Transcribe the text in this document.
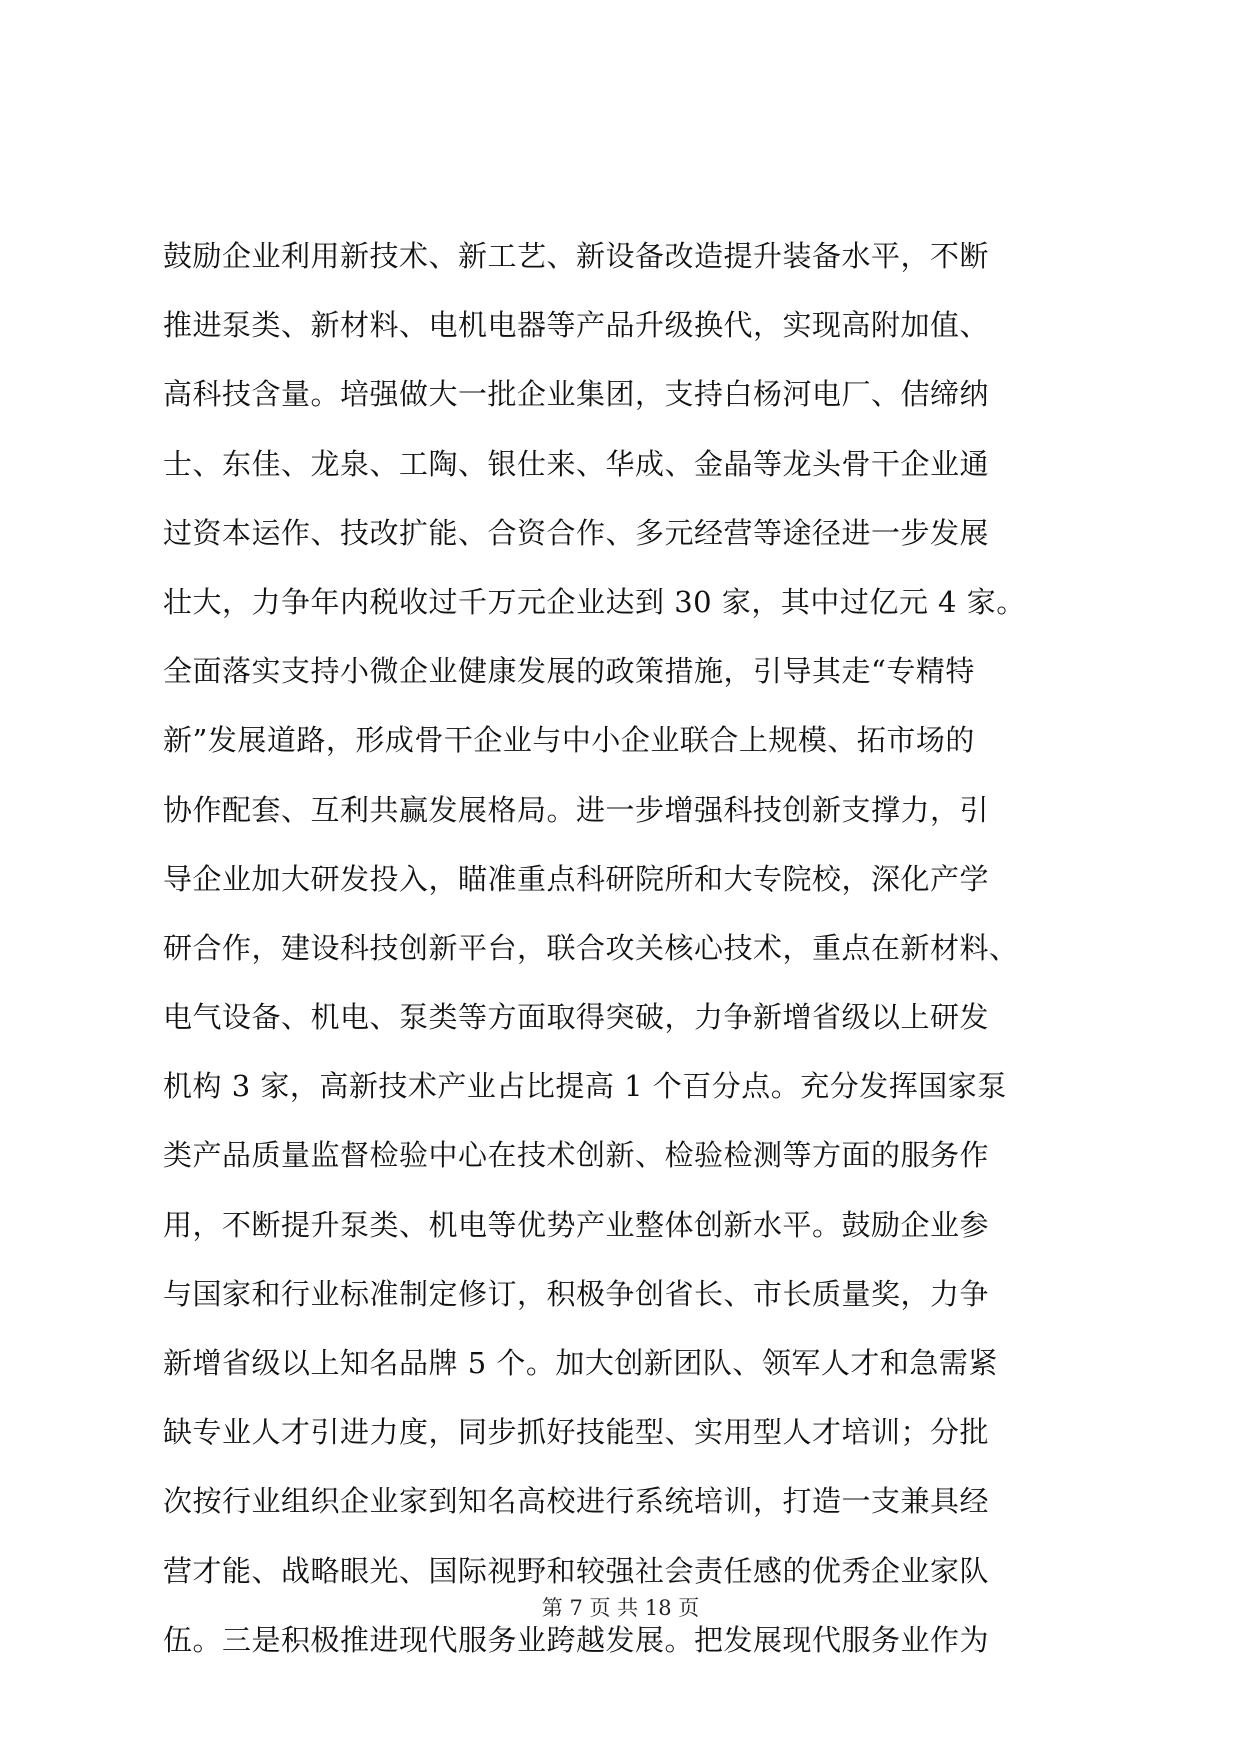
鼓励企业利用新技术、新工艺、新设备改造提升装备水平，不断
推进泵类、新材料、电机电器等产品升级换代，实现高附加值、
高科技含量。培强做大一批企业集团，支持白杨河电厂、佶缔纳
士、东佳、龙泉、工陶、银仕来、华成、金晶等龙头骨干企业通
过资本运作、技改扩能、合资合作、多元经营等途径进一步发展
壮大，力争年内税收过千万元企业达到 30 家，其中过亿元 4 家。
全面落实支持小微企业健康发展的政策措施，引导其走“专精特
新”发展道路，形成骨干企业与中小企业联合上规模、拓市场的
协作配套、互利共赢发展格局。进一步增强科技创新支撑力，引
导企业加大研发投入，瞄准重点科研院所和大专院校，深化产学
研合作，建设科技创新平台，联合攻关核心技术，重点在新材料、
电气设备、机电、泵类等方面取得突破，力争新增省级以上研发
机构 3 家，高新技术产业占比提高 1 个百分点。充分发挥国家泵
类产品质量监督检验中心在技术创新、检验检测等方面的服务作
用，不断提升泵类、机电等优势产业整体创新水平。鼓励企业参
与国家和行业标准制定修订，积极争创省长、市长质量奖，力争
新增省级以上知名品牌 5 个。加大创新团队、领军人才和急需紧
缺专业人才引进力度，同步抓好技能型、实用型人才培训；分批
次按行业组织企业家到知名高校进行系统培训，打造一支兼具经
营才能、战略眼光、国际视野和较强社会责任感的优秀企业家队
伍。三是积极推进现代服务业跨越发展。把发展现代服务业作为
第 7 页 共 18 页
